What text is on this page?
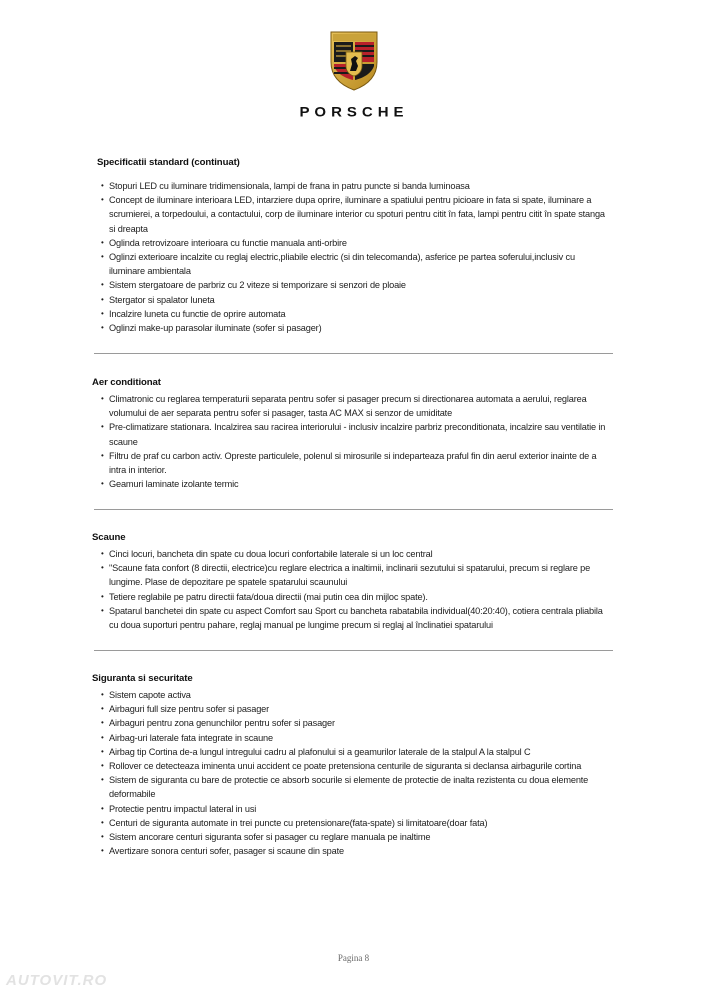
PORSCHE
Specificatii standard (continuat)
• Stopuri LED cu iluminare tridimensionala, lampi de frana in patru puncte si banda luminoasa
• Concept de iluminare interioara LED, intarziere dupa oprire, iluminare a spatiului pentru picioare in fata si spate, iluminare a scrumierei, a torpedoului, a contactului, corp de iluminare interior cu spoturi pentru citit în fata, lampi pentru citit în spate stanga si dreapta
• Oglinda retrovizoare interioara cu functie manuala anti-orbire
• Oglinzi exterioare incalzite cu reglaj electric,pliabile electric (si din telecomanda), asferice pe partea soferului,inclusiv cu iluminare ambientala
• Sistem stergatoare de parbriz cu 2 viteze si temporizare si senzori de ploaie
• Stergator si spalator luneta
• Incalzire luneta cu functie de oprire automata
• Oglinzi make-up parasolar iluminate (sofer si pasager)
Aer conditionat
• Climatronic cu reglarea temperaturii separata pentru sofer si pasager precum si directionarea automata a aerului, reglarea volumului de aer separata pentru sofer si pasager, tasta AC MAX si senzor de umiditate
• Pre-climatizare stationara. Incalzirea sau racirea interiorului - inclusiv incalzire parbriz preconditionata, incalzire sau ventilatie in scaune
• Filtru de praf cu carbon activ. Opreste particulele, polenul si mirosurile si indeparteaza praful fin din aerul exterior inainte de a intra in interior.
• Geamuri laminate izolante termic
Scaune
• Cinci locuri, bancheta din spate cu doua locuri confortabile laterale si un loc central
• "Scaune fata confort (8 directii, electrice)cu reglare electrica a inaltimii, inclinarii sezutului si spatarului, precum si reglare pe lungime. Plase de depozitare pe spatele spatarului scaunului
• Tetiere reglabile pe patru directii fata/doua directii (mai putin cea din mijloc spate).
• Spatarul banchetei din spate cu aspect Comfort sau Sport cu bancheta rabatabila individual(40:20:40), cotiera centrala pliabila cu doua suporturi pentru pahare, reglaj manual pe lungime precum si reglaj al înclinatiei spatarului
Siguranta si securitate
• Sistem capote activa
• Airbaguri full size pentru sofer si pasager
• Airbaguri pentru zona genunchilor pentru sofer si pasager
• Airbag-uri laterale fata integrate in scaune
• Airbag tip Cortina de-a lungul intregului cadru al plafonului si a geamurilor laterale de la stalpul A la stalpul C
• Rollover ce detecteaza iminenta unui accident ce poate pretensiona centurile de siguranta si declansa airbagurile cortina
• Sistem de siguranta cu bare de protectie ce absorb socurile si elemente de protectie de inalta rezistenta cu doua elemente deformabile
• Protectie pentru impactul lateral in usi
• Centuri de siguranta automate in trei puncte cu pretensionare(fata-spate) si limitatoare(doar fata)
• Sistem ancorare centuri siguranta sofer si pasager cu reglare manuala pe inaltime
• Avertizare sonora centuri sofer, pasager si scaune din spate
Pagina 8
AUTOVIT.RO
